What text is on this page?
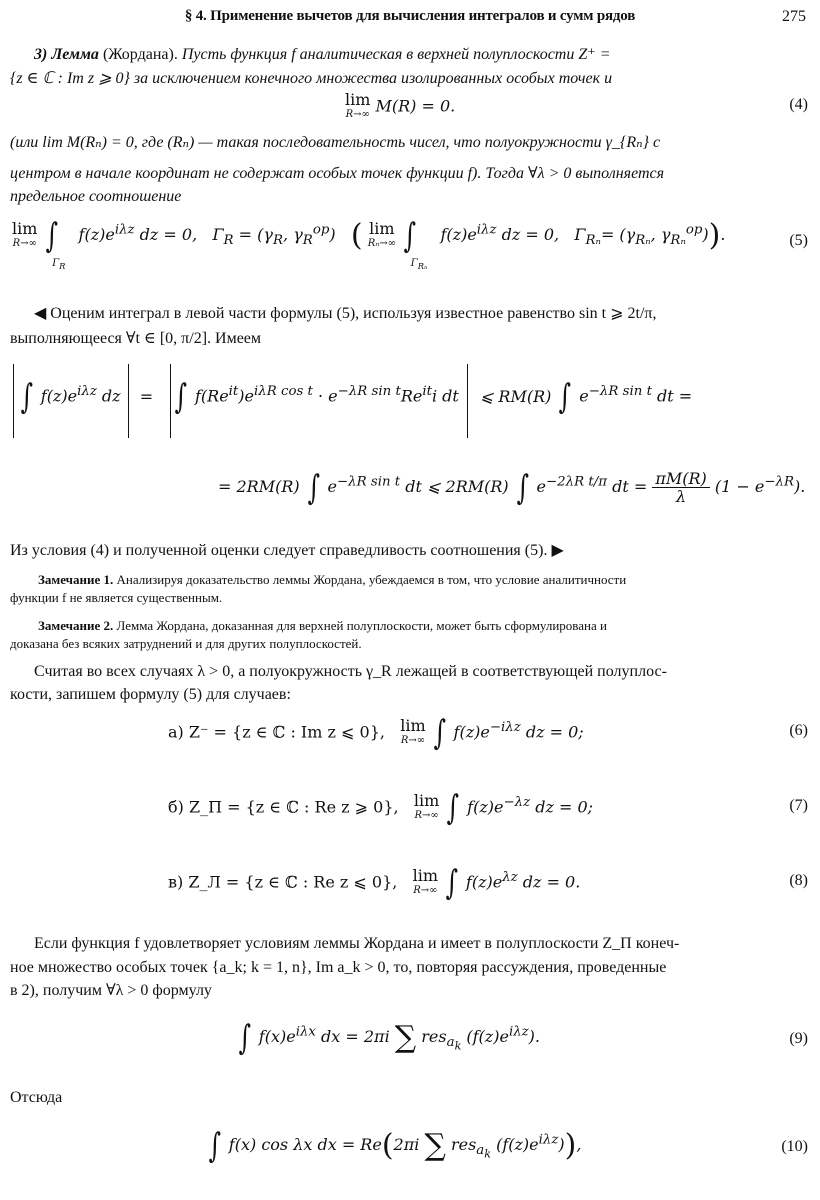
§ 4. Применение вычетов для вычисления интегралов и сумм рядов	275
3) Лемма (Жордана). Пусть функция f аналитическая в верхней полуплоскости Z⁺ =
{z ∈ ℂ : Im z ⩾ 0} за исключением конечного множества изолированных особых точек и
lim
R→∞ M(R) = 0.	(4)
(или lim M(Rₙ) = 0, где (Rₙ) — такая последовательность чисел, что полуокружности γ_{Rₙ} с
центром в начале координат не содержат особых точек функции f). Тогда ∀λ > 0 выполняется
предельное соотношение
lim
R→∞ $\int_{\Gamma_R}$ $f(z)e^{i\lambda z}$ dz = 0,   $\Gamma_R = (\gamma_R$, $\gamma_R^{op}$)   ( lim
Rₙ→∞ $\int_{\Gamma_{R_n}}$ $f(z)e^{i\lambda z}$ dz = 0,   $\Gamma_{R_n}= (\gamma_{R_n}$, $\gamma_{R_n}^{op}$)).	(5)
◀ Оценим интеграл в левой части формулы (5), используя известное равенство sin t ⩾ 2t/π,
выполняющееся ∀t ∈ [0, π/2]. Имеем
∫ $f(z)e^{i\lambda z}$ dz = ∫ $f(Re^{it})e^{i\lambda R cos t} \cdot e^{-\lambda R sin t}Re^{it}i$ dt ⩽ RM(R) ∫ $e^{-\lambda R sin t}$ dt =
= 2RM(R) ∫ $e^{-\lambda R sin t}$ dt ⩽ 2RM(R) ∫ $e^{-2\lambda R t/\pi}$ dt = $\frac{\pi M(R)}{\lambda} (1 - e^{-\lambda R})$.
Из условия (4) и полученной оценки следует справедливость соотношения (5). ▶
Замечание 1. Анализируя доказательство леммы Жордана, убеждаемся в том, что условие аналитичности
функции f не является существенным.
Замечание 2. Лемма Жордана, доказанная для верхней полуплоскости, может быть сформулирована и
доказана без всяких затруднений и для других полуплоскостей.
Считая во всех случаях λ > 0, а полуокружность γ_R лежащей в соответствующей полуплос-
кости, запишем формулу (5) для случаев:
а) Z⁻ = {z ∈ ℂ : Im z ⩽ 0}, lim
R→∞ ∫ $f(z)e^{-i\lambda z}$ dz = 0;	(6)
б) Z_П = {z ∈ ℂ : Re z ⩾ 0}, lim
R→∞ ∫ $f(z)e^{-\lambda z}$ dz = 0;	(7)
в) Z_Л = {z ∈ ℂ : Re z ⩽ 0}, lim
R→∞ ∫ $f(z)e^{\lambda z}$ dz = 0.	(8)
Если функция f удовлетворяет условиям леммы Жордана и имеет в полуплоскости Z_П конеч-
ное множество особых точек {a_k; k = 1, n}, Im a_k > 0, то, повторяя рассуждения, проведенные
в 2), получим ∀λ > 0 формулу
∫ $f(x)e^{i\lambda x}$ dx = 2πi ∑ res$_{a_k}$ $(f(z)e^{i\lambda z})$.	(9)
Отсюда
∫ f(x) cos λx dx = Re(2πi ∑ res$_{a_k}$ $(f(z)e^{i\lambda z})$),	(10)
